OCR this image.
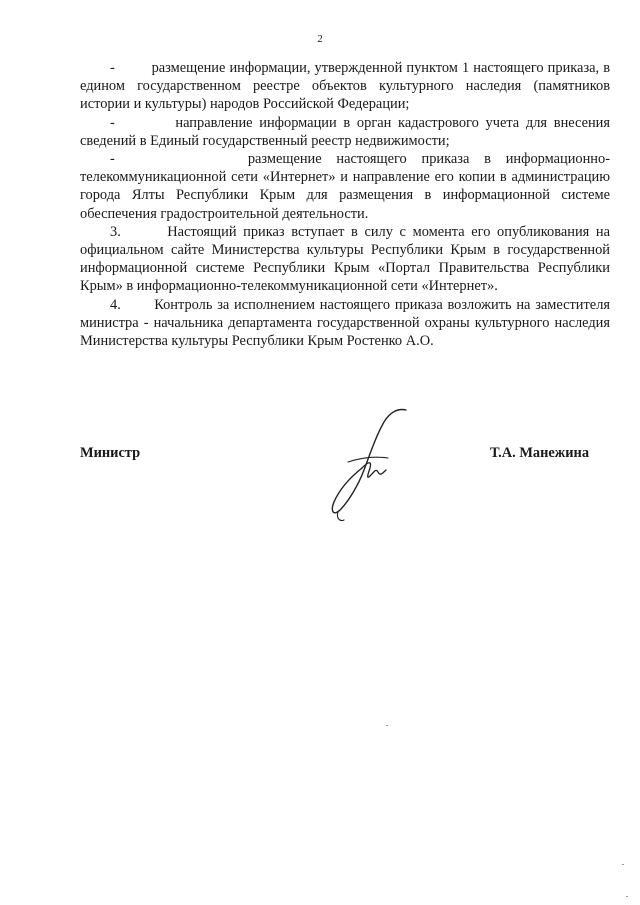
2

-         размещение информации, утвержденной пунктом 1 настоящего приказа, в едином государственном реестре объектов культурного наследия (памятников истории и культуры) народов Российской Федерации;

-         направление информации в орган кадастрового учета для внесения сведений в Единый государственный реестр недвижимости;

-         размещение настоящего приказа в информационно-телекоммуникационной сети «Интернет» и направление его копии в администрацию города Ялты Республики Крым для размещения в информационной системе обеспечения градостроительной деятельности.

3.       Настоящий приказ вступает в силу с момента его опубликования на официальном сайте Министерства культуры Республики Крым в государственной информационной системе Республики Крым «Портал Правительства Республики Крым» в информационно-телекоммуникационной сети «Интернет».

4.       Контроль за исполнением настоящего приказа возложить на заместителя министра - начальника департамента государственной охраны культурного наследия Министерства культуры Республики Крым Ростенко А.О.

Министр	Т.А. Манежина
